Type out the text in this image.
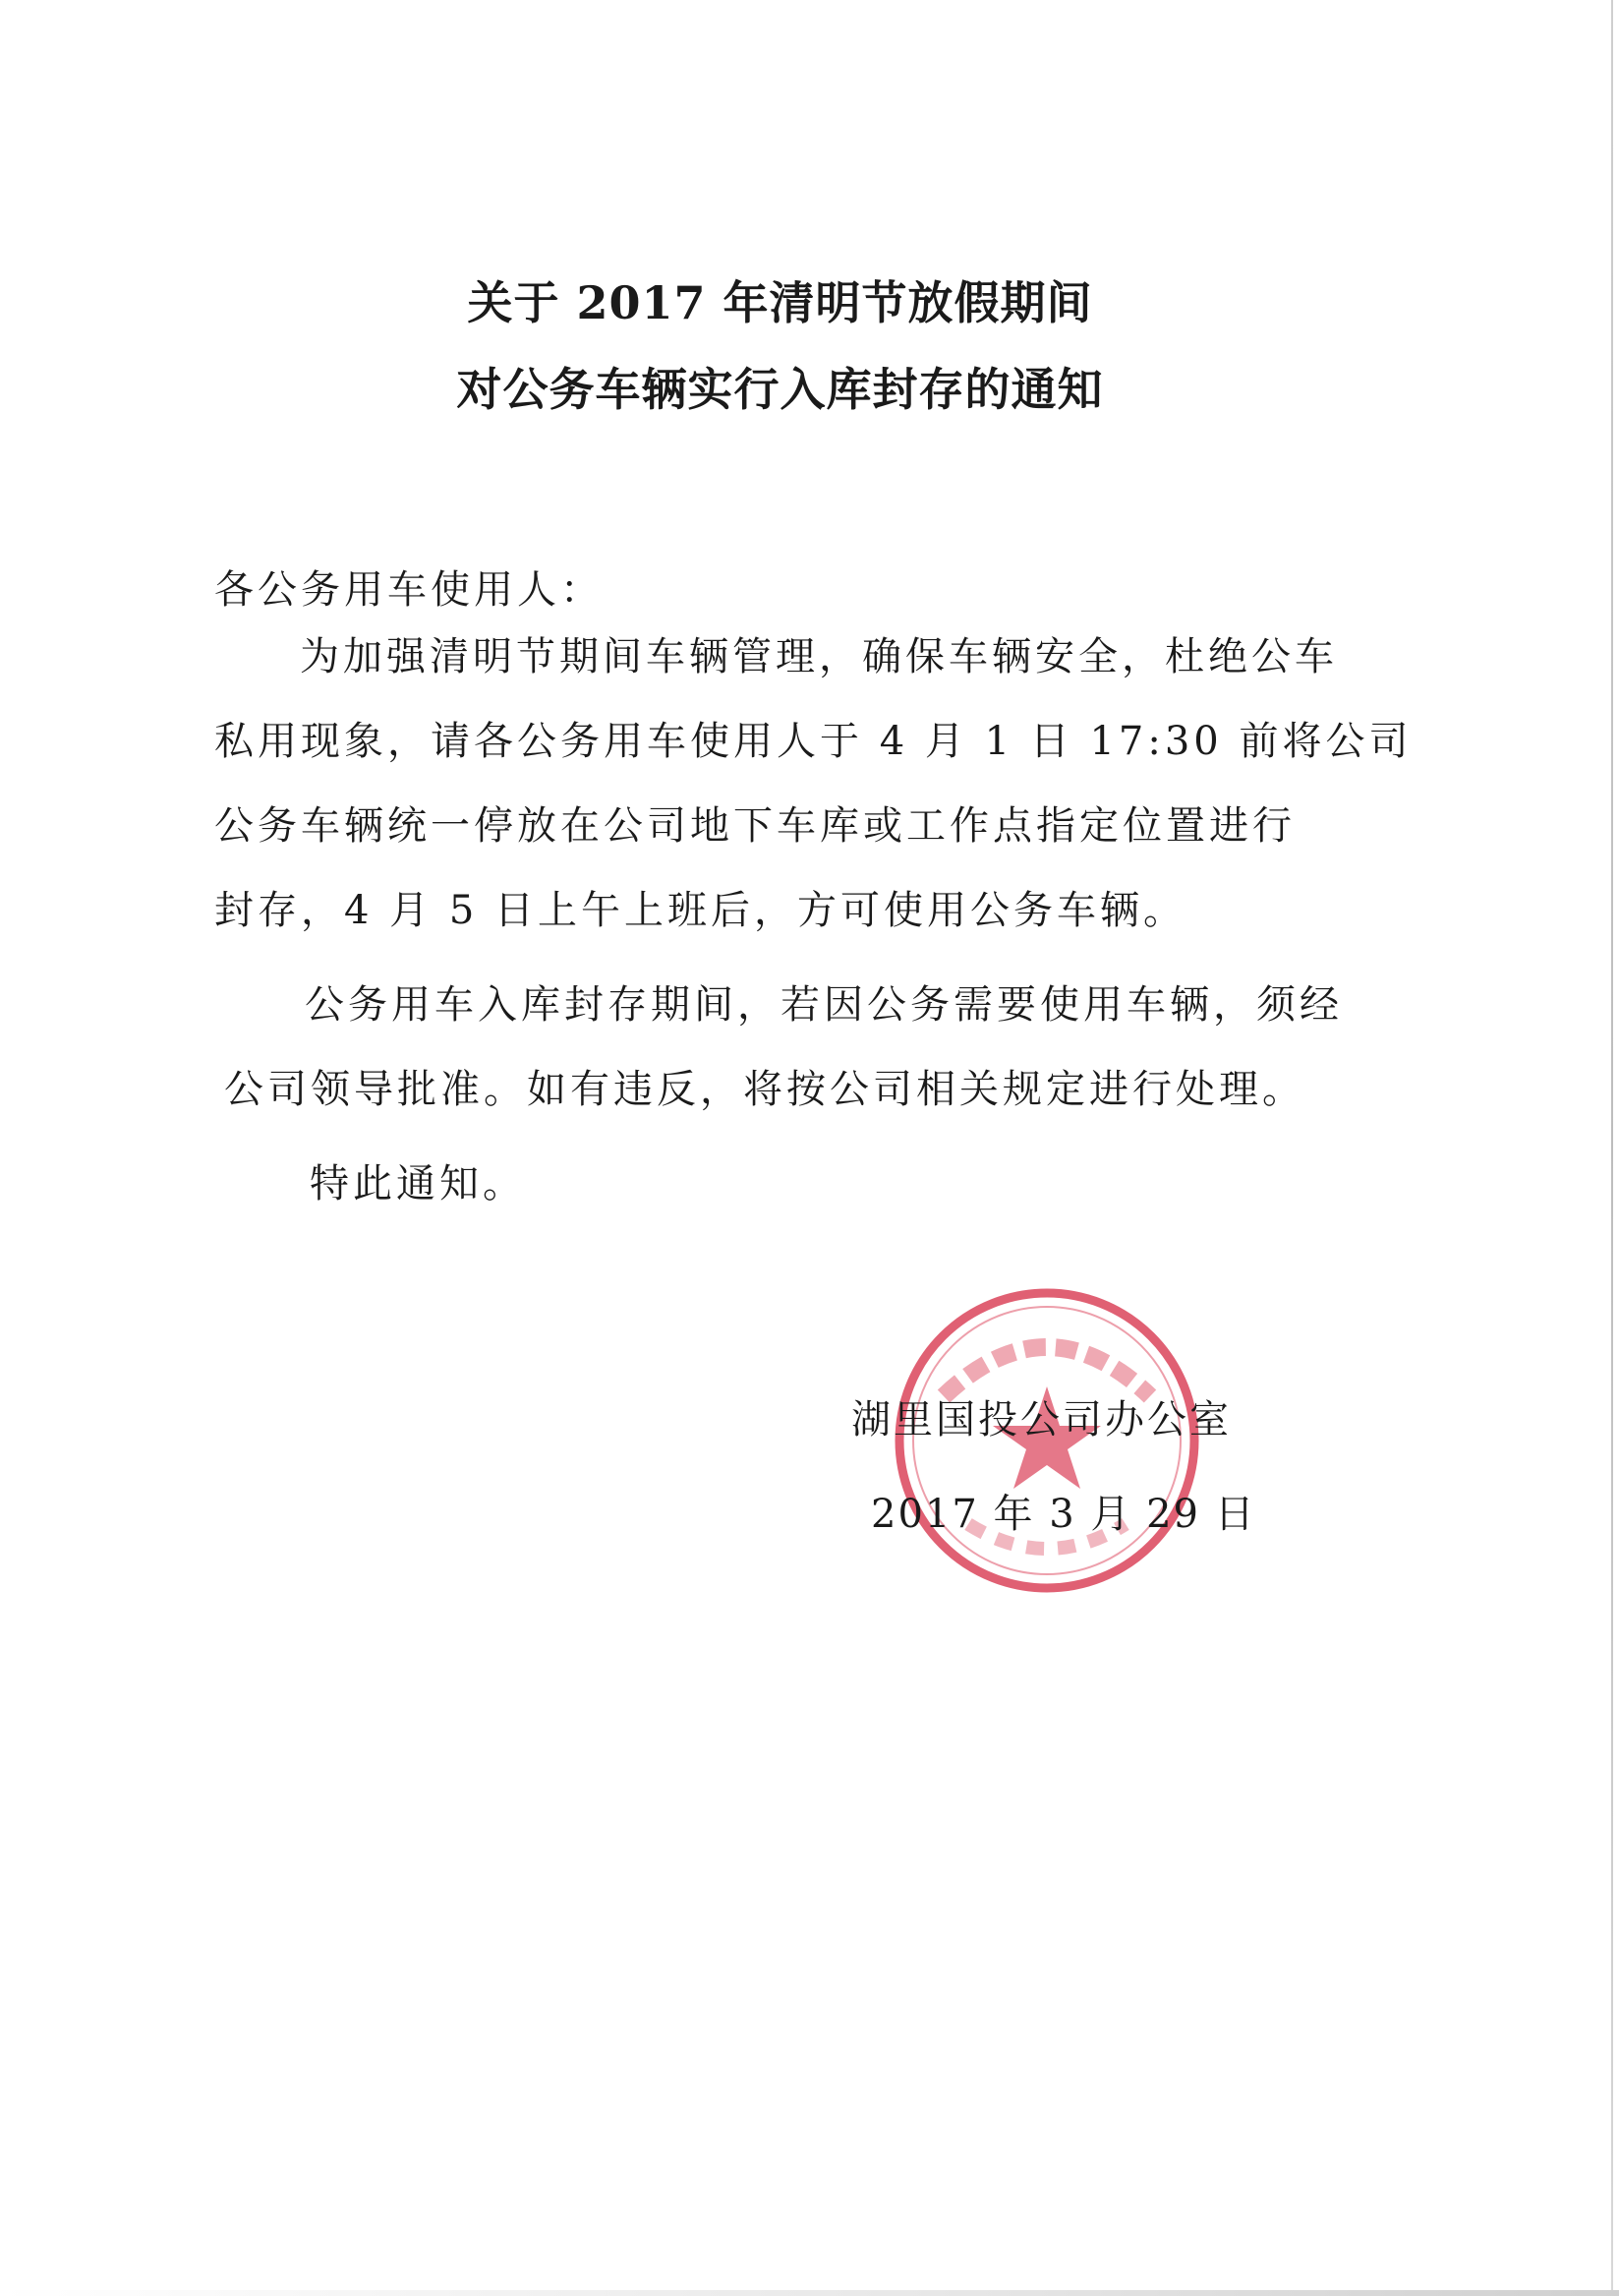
关于 2017 年清明节放假期间
对公务车辆实行入库封存的通知

各公务用车使用人：

为加强清明节期间车辆管理，确保车辆安全，杜绝公车

私用现象，请各公务用车使用人于 4 月 1 日 17:30 前将公司

公务车辆统一停放在公司地下车库或工作点指定位置进行

封存，4 月 5 日上午上班后，方可使用公务车辆。

公务用车入库封存期间，若因公务需要使用车辆，须经

公司领导批准。如有违反，将按公司相关规定进行处理。

特此通知。

湖里国投公司办公室

2017 年 3 月 29 日
